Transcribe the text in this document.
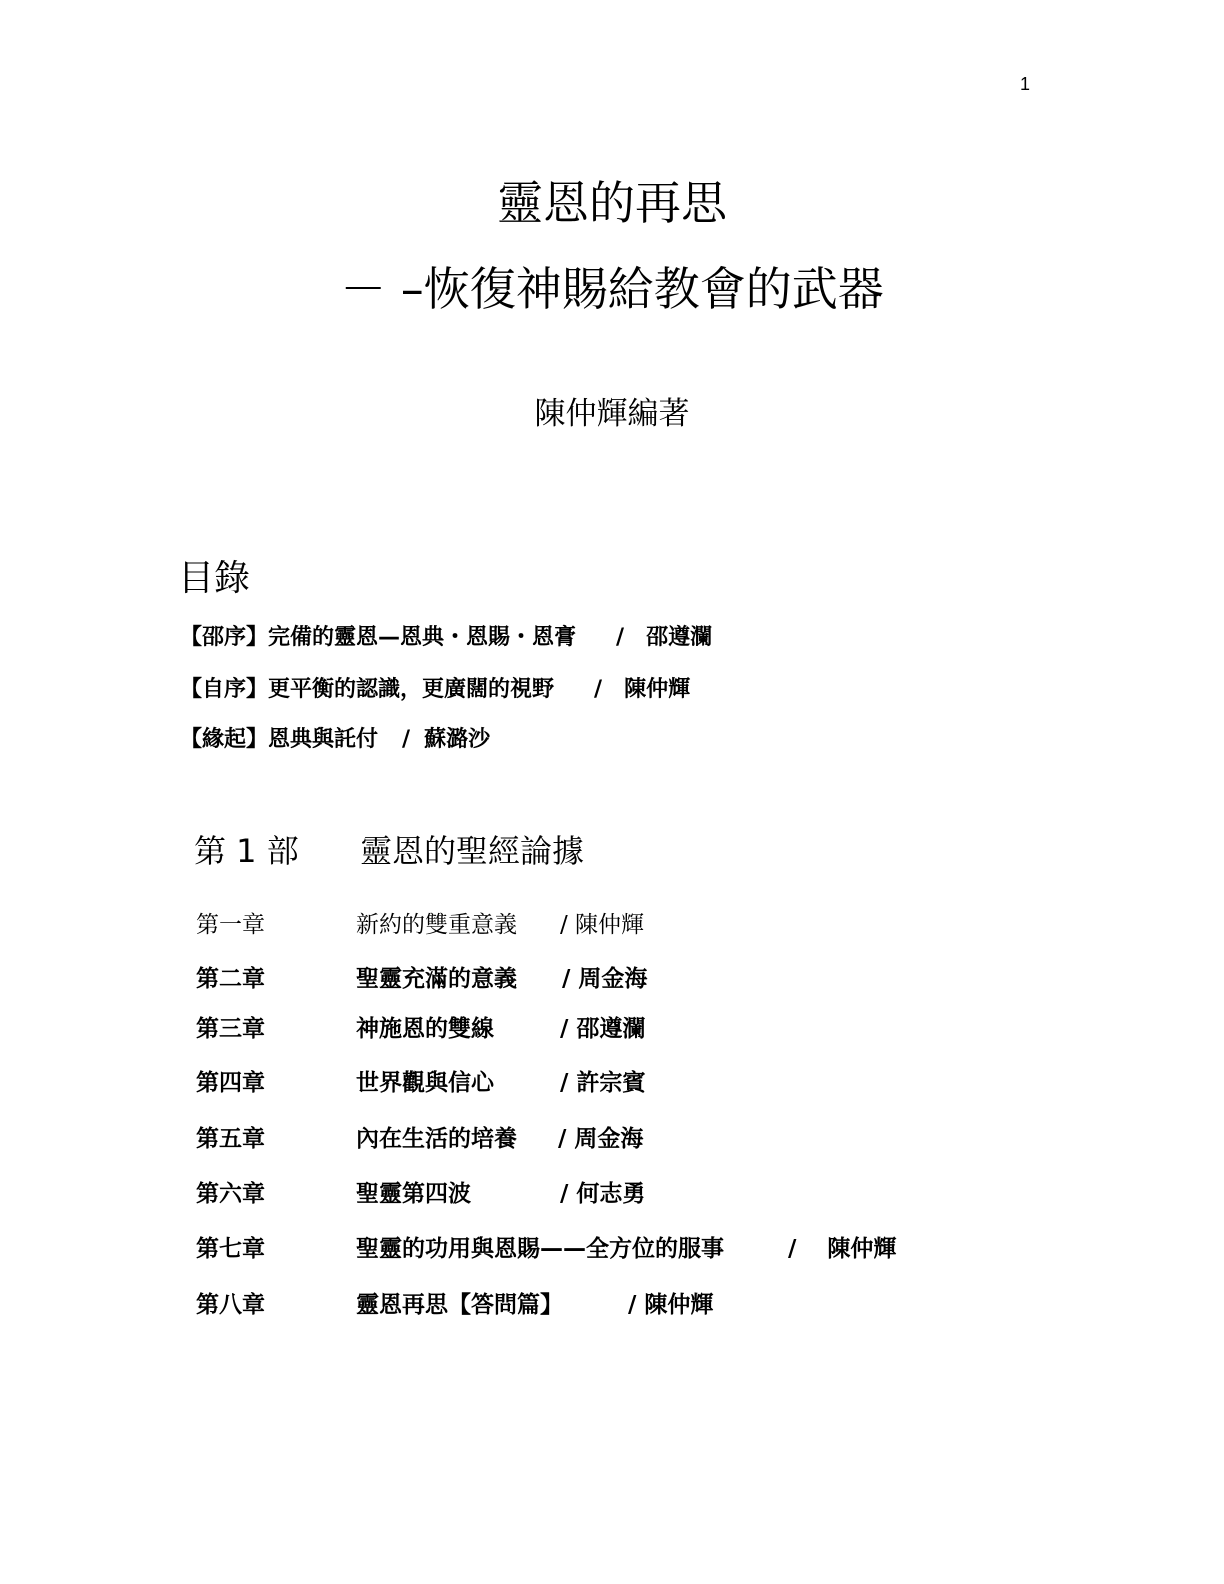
1
靈恩的再思
－ –恢復神賜給教會的武器
陳仲輝編著
目錄
【邵序】完備的靈恩—恩典・恩賜・恩膏 / 邵遵瀾
【自序】更平衡的認識，更廣闊的視野 / 陳仲輝
【緣起】恩典與託付 / 蘇潞沙
第 1 部 靈恩的聖經論據
第一章	新約的雙重意義 / 陳仲輝
第二章	聖靈充滿的意義 / 周金海
第三章	神施恩的雙線	/ 邵遵瀾
第四章	世界觀與信心	/ 許宗賓
第五章	內在生活的培養 / 周金海
第六章	聖靈第四波	/ 何志勇
第七章	聖靈的功用與恩賜——全方位的服事	/　 陳仲輝
第八章	靈恩再思【答問篇】	/ 陳仲輝
